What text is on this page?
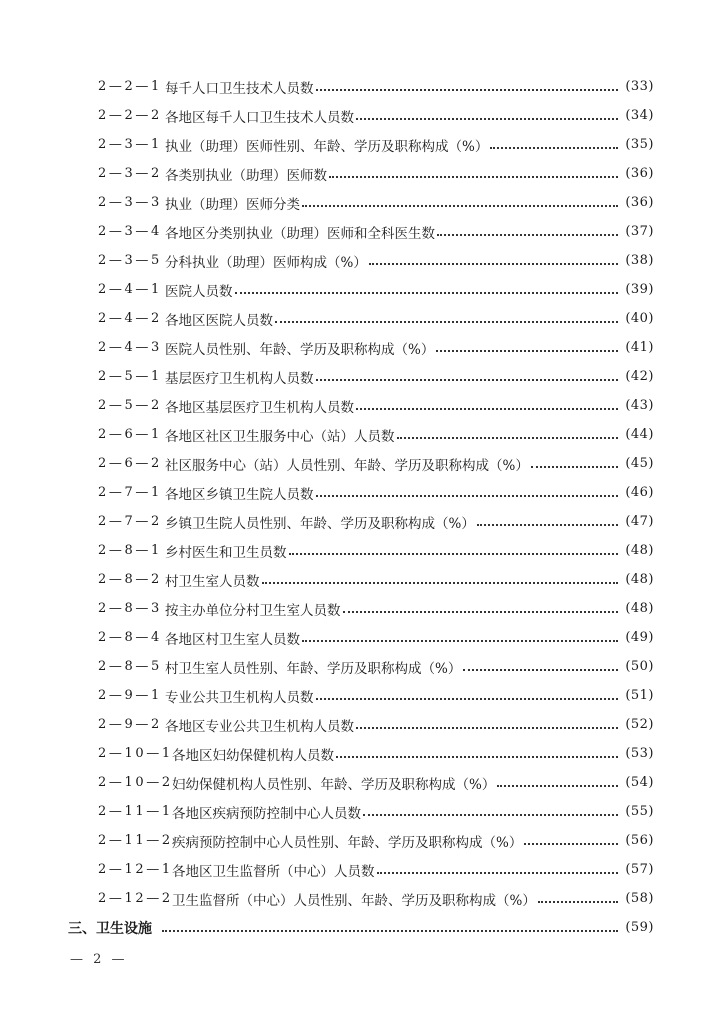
2—2—1 每千人口卫生技术人员数	(33)
2—2—2 各地区每千人口卫生技术人员数	(34)
2—3—1 执业（助理）医师性别、年龄、学历及职称构成（%）	(35)
2—3—2 各类别执业（助理）医师数	(36)
2—3—3 执业（助理）医师分类	(36)
2—3—4 各地区分类别执业（助理）医师和全科医生数	(37)
2—3—5 分科执业（助理）医师构成（%）	(38)
2—4—1 医院人员数	(39)
2—4—2 各地区医院人员数	(40)
2—4—3 医院人员性别、年龄、学历及职称构成（%）	(41)
2—5—1 基层医疗卫生机构人员数	(42)
2—5—2 各地区基层医疗卫生机构人员数	(43)
2—6—1 各地区社区卫生服务中心（站）人员数	(44)
2—6—2 社区服务中心（站）人员性别、年龄、学历及职称构成（%）	(45)
2—7—1 各地区乡镇卫生院人员数	(46)
2—7—2 乡镇卫生院人员性别、年龄、学历及职称构成（%）	(47)
2—8—1 乡村医生和卫生员数	(48)
2—8—2 村卫生室人员数	(48)
2—8—3 按主办单位分村卫生室人员数	(48)
2—8—4 各地区村卫生室人员数	(49)
2—8—5 村卫生室人员性别、年龄、学历及职称构成（%）	(50)
2—9—1 专业公共卫生机构人员数	(51)
2—9—2 各地区专业公共卫生机构人员数	(52)
2—10—1 各地区妇幼保健机构人员数	(53)
2—10—2 妇幼保健机构人员性别、年龄、学历及职称构成（%）	(54)
2—11—1 各地区疾病预防控制中心人员数	(55)
2—11—2 疾病预防控制中心人员性别、年龄、学历及职称构成（%）	(56)
2—12—1 各地区卫生监督所（中心）人员数	(57)
2—12—2 卫生监督所（中心）人员性别、年龄、学历及职称构成（%）	(58)
三、卫生设施	(59)
— 2 —
